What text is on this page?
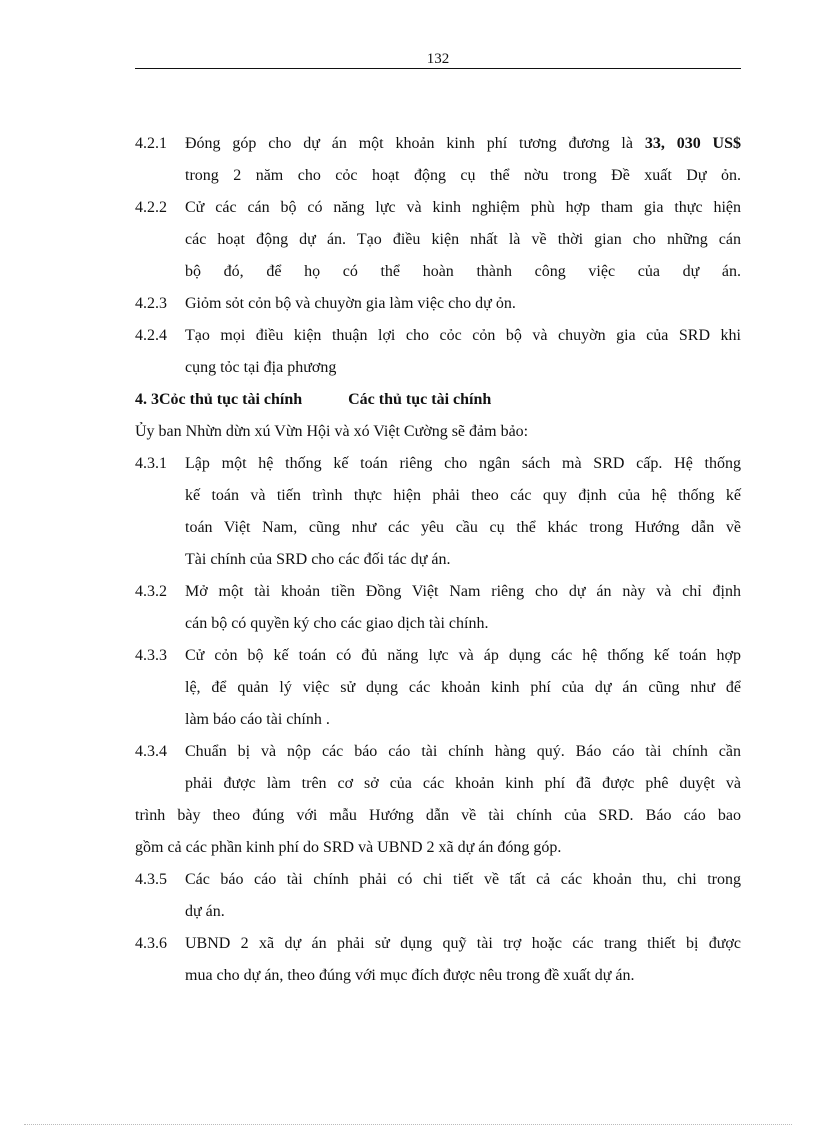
132
4.2.1 Đóng góp cho dự án một khoản kinh phí tương đương là 33, 030 US$
trong 2 năm cho cỏc hoạt động cụ thể nờu trong Đề xuất Dự ỏn.
4.2.2 Cử các cán bộ có năng lực và kinh nghiệm phù hợp tham gia thực hiện
các hoạt động dự án. Tạo điều kiện nhất là về thời gian cho những cán
bộ đó, để họ có thể hoàn thành công việc của dự án.
4.2.3 Giỏm sỏt cỏn bộ và chuyờn gia làm việc cho dự ỏn.
4.2.4 Tạo mọi điều kiện thuận lợi cho cỏc cỏn bộ và chuyờn gia của SRD khi
cụng tỏc tại địa phương
4. 3Cỏc thủ tục tài chính	Các thủ tục tài chính
Ủy ban Nhừn dừn xú Vừn Hội và xó Việt Cường sẽ đảm bảo:
4.3.1 Lập một hệ thống kế toán riêng cho ngân sách mà SRD cấp. Hệ thống
kế toán và tiến trình thực hiện phải theo các quy định của hệ thống kế
toán Việt Nam, cũng như các yêu cầu cụ thể khác trong Hướng dẫn về
Tài chính của SRD cho các đối tác dự án.
4.3.2 Mở một tài khoản tiền Đồng Việt Nam riêng cho dự án này và chỉ định
cán bộ có quyền ký cho các giao dịch tài chính.
4.3.3 Cử cỏn bộ kế toán có đủ năng lực và áp dụng các hệ thống kế toán hợp
lệ, để quản lý việc sử dụng các khoản kinh phí của dự án cũng như để
làm báo cáo tài chính .
4.3.4 Chuẩn bị và nộp các báo cáo tài chính hàng quý. Báo cáo tài chính cần
phải được làm trên cơ sở của các khoản kinh phí đã được phê duyệt và
trình bày theo đúng với mẫu Hướng dẫn về tài chính của SRD. Báo cáo bao
gồm cả các phần kinh phí do SRD và UBND 2 xã dự án đóng góp.
4.3.5 Các báo cáo tài chính phải có chi tiết về tất cả các khoản thu, chi trong
dự án.
4.3.6 UBND 2 xã dự án phải sử dụng quỹ tài trợ hoặc các trang thiết bị được
mua cho dự án, theo đúng với mục đích được nêu trong đề xuất dự án.
